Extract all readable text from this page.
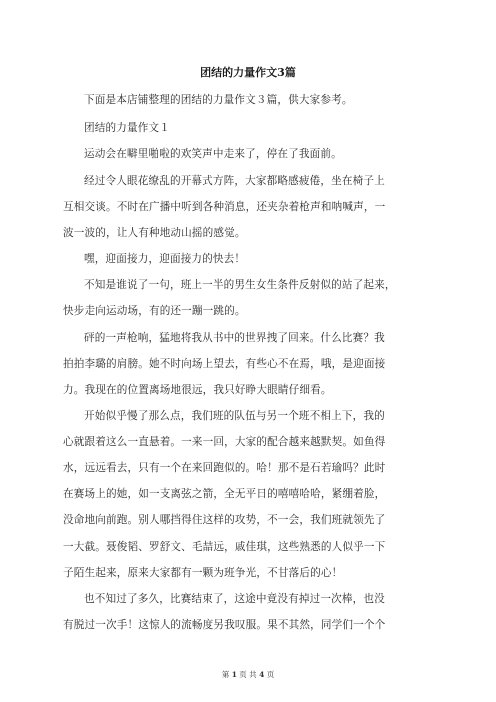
团结的力量作文3篇
下面是本店铺整理的团结的力量作文３篇，供大家参考。
团结的力量作文１
运动会在噼里啪啦的欢笑声中走来了，停在了我面前。
经过令人眼花缭乱的开幕式方阵，大家都略感疲倦，坐在椅子上
互相交谈。不时在广播中听到各种消息，还夹杂着枪声和呐喊声，一
波一波的，让人有种地动山摇的感觉。
嘿，迎面接力，迎面接力的快去！
不知是谁说了一句，班上一半的男生女生条件反射似的站了起来，
快步走向运动场，有的还一蹦一跳的。
砰的一声枪响，猛地将我从书中的世界拽了回来。什么比赛？我
拍拍李璐的肩膀。她不时向场上望去，有些心不在焉，哦，是迎面接
力。我现在的位置离场地很远，我只好睁大眼睛仔细看。
开始似乎慢了那么点，我们班的队伍与另一个班不相上下，我的
心就跟着这么一直悬着。一来一回，大家的配合越来越默契。如鱼得
水，远远看去，只有一个在来回跑似的。哈！那不是石若瑜吗？此时
在赛场上的她，如一支离弦之箭，全无平日的嘻嘻哈哈，紧绷着脸，
没命地向前跑。别人哪挡得住这样的攻势，不一会，我们班就领先了
一大截。聂俊韬、罗舒文、毛喆远，戚佳琪，这些熟悉的人似乎一下
子陌生起来，原来大家都有一颗为班争光，不甘落后的心！
也不知过了多久，比赛结束了，这途中竟没有掉过一次棒，也没
有脱过一次手！这惊人的流畅度另我叹服。果不其然，同学们一个个
第 1 页 共 4 页
